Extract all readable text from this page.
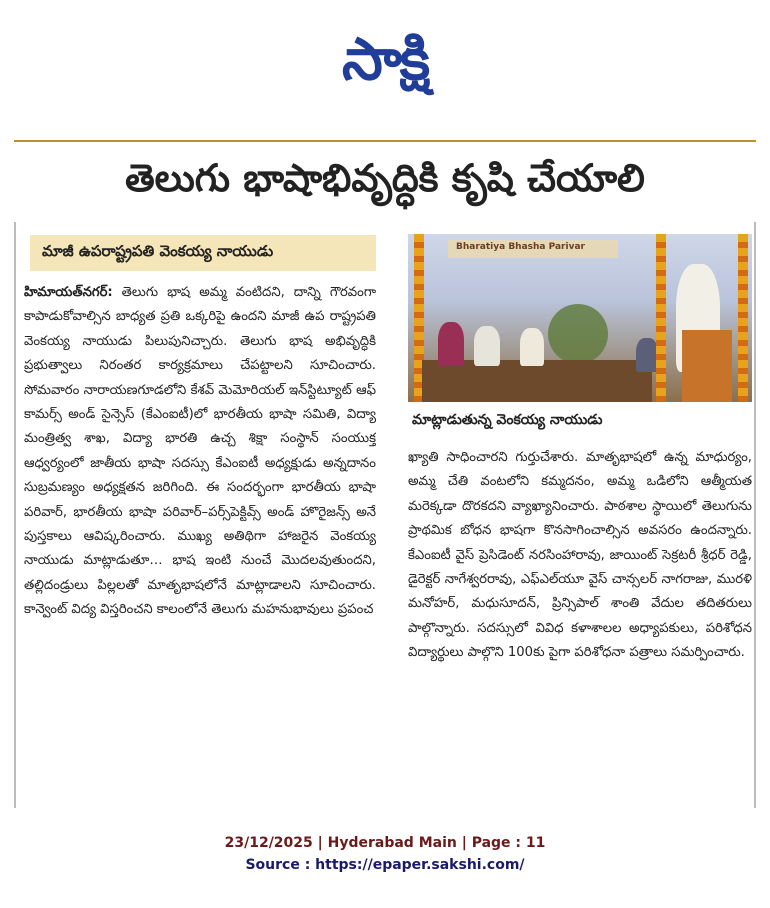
సాక్షి
తెలుగు భాషాభివృద్ధికి కృషి చేయాలి
మాజీ ఉపరాష్ట్రపతి వెంకయ్య నాయుడు
హిమాయత్‌నగర్: తెలుగు భాష అమ్మ వంటిదని, దాన్ని గౌరవంగా కాపాడుకోవాల్సిన బాధ్యత ప్రతి ఒక్కరిపై ఉందని మాజీ ఉప రాష్ట్రపతి వెంకయ్య నాయుడు పిలుపునిచ్చారు. తెలుగు భాష అభివృద్ధికి ప్రభుత్వాలు నిరంతర కార్యక్రమాలు చేపట్టాలని సూచించారు. సోమవారం నారాయణగూడలోని కేశవ్ మెమోరియల్ ఇన్‌స్టిట్యూట్ ఆఫ్ కామర్స్ అండ్ సైన్సెస్ (కేఎంఐటీ)లో భారతీయ భాషా సమితి, విద్యా మంత్రిత్వ శాఖ, విద్యా భారతి ఉచ్చ శిక్షా సంస్థాన్ సంయుక్త ఆధ్వర్యంలో జాతీయ భాషా సదస్సు కేఎంఐటీ అధ్యక్షుడు అన్నదానం సుబ్రమణ్యం అధ్యక్షతన జరిగింది. ఈ సందర్భంగా భారతీయ భాషా పరివార్, భారతీయ భాషా పరివార్–పర్స్‌పెక్టివ్స్ అండ్ హొరైజన్స్ అనే పుస్తకాలు ఆవిష్కరించారు. ముఖ్య అతిథిగా హాజరైన వెంకయ్య నాయుడు మాట్లాడుతూ… భాష ఇంటి నుంచే మొదలవుతుందని, తల్లిదండ్రులు పిల్లలతో మాతృభాషలోనే మాట్లాడాలని సూచించారు. కాన్వెంట్ విద్య విస్తరించని కాలంలోనే తెలుగు మహనుభావులు ప్రపంచ
Bharatiya Bhasha Parivar
మాట్లాడుతున్న వెంకయ్య నాయుడు
ఖ్యాతి సాధించారని గుర్తుచేశారు. మాతృభాషలో ఉన్న మాధుర్యం, అమ్మ చేతి వంటలోని కమ్మదనం, అమ్మ ఒడిలోని ఆత్మీయత మరెక్కడా దొరకదని వ్యాఖ్యానించారు. పాఠశాల స్థాయిలో తెలుగును ప్రాథమిక బోధన భాషగా కొనసాగించాల్సిన అవసరం ఉందన్నారు. కేఎంఐటీ వైస్ ప్రెసిడెంట్ నరసింహారావు, జాయింట్ సెక్రటరీ శ్రీధర్ రెడ్డి, డైరెక్టర్ నాగేశ్వరరావు, ఎఫ్ఎల్‌యూ వైస్ చాన్సలర్ నాగరాజు, మురళి మనోహర్, మధుసూదన్, ప్రిన్సిపాల్ శాంతి వేదుల తదితరులు పాల్గొన్నారు. సదస్సులో వివిధ కళాశాలల అధ్యాపకులు, పరిశోధన విద్యార్థులు పాల్గొని 100కు పైగా పరిశోధనా పత్రాలు సమర్పించారు.
23/12/2025 | Hyderabad Main | Page : 11
Source : https://epaper.sakshi.com/
